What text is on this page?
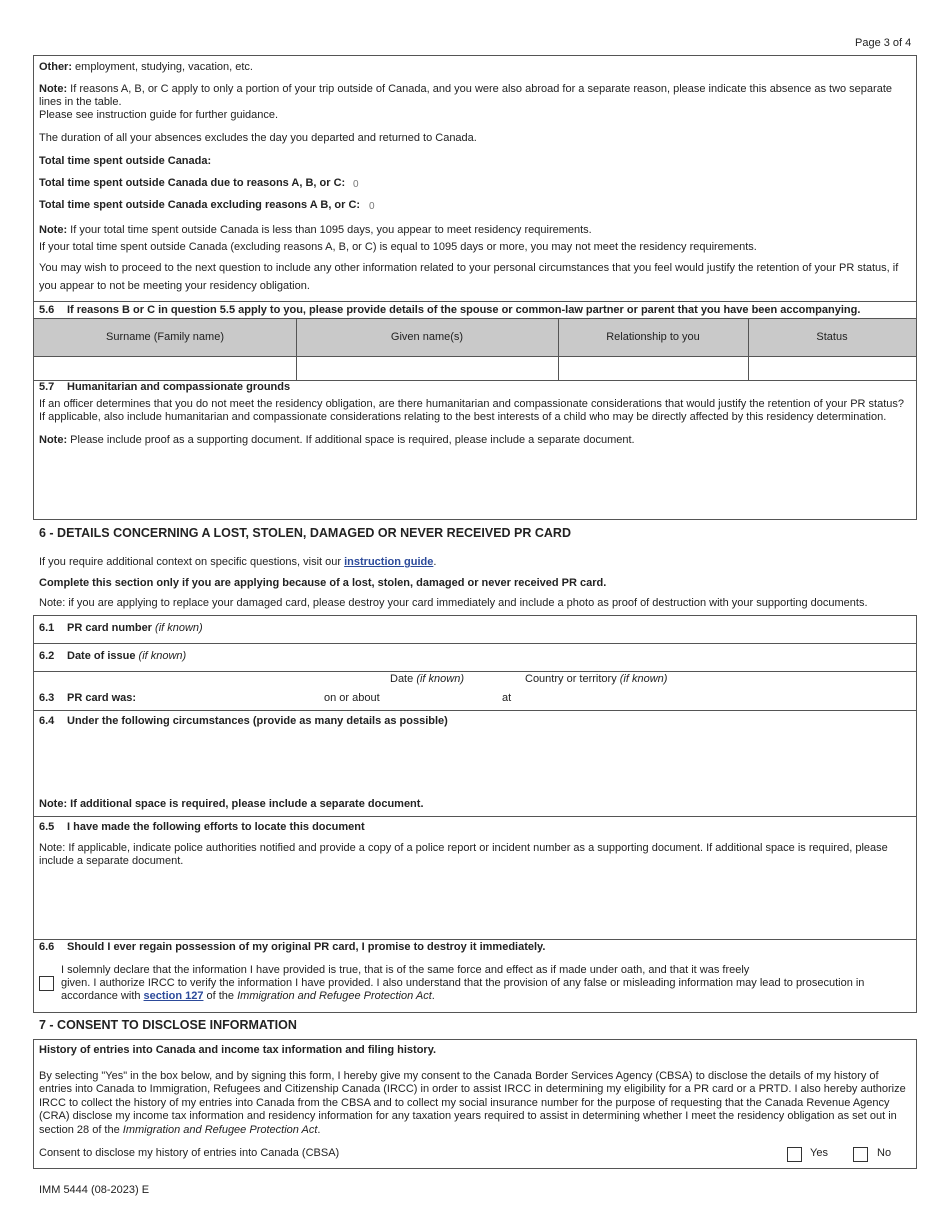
Page 3 of 4
Other: employment, studying, vacation, etc.
Note: If reasons A, B, or C apply to only a portion of your trip outside of Canada, and you were also abroad for a separate reason, please indicate this absence as two separate lines in the table.
Please see instruction guide for further guidance.
The duration of all your absences excludes the day you departed and returned to Canada.
Total time spent outside Canada:
Total time spent outside Canada due to reasons A, B, or C: 0
Total time spent outside Canada excluding reasons A B, or C: 0
Note: If your total time spent outside Canada is less than 1095 days, you appear to meet residency requirements.
If your total time spent outside Canada (excluding reasons A, B, or C) is equal to 1095 days or more, you may not meet the residency requirements.
You may wish to proceed to the next question to include any other information related to your personal circumstances that you feel would justify the retention of your PR status, if you appear to not be meeting your residency obligation.
5.6 If reasons B or C in question 5.5 apply to you, please provide details of the spouse or common-law partner or parent that you have been accompanying.
Surname (Family name)	Given name(s)	Relationship to you	Status
5.7 Humanitarian and compassionate grounds
If an officer determines that you do not meet the residency obligation, are there humanitarian and compassionate considerations that would justify the retention of your PR status? If applicable, also include humanitarian and compassionate considerations relating to the best interests of a child who may be directly affected by this residency determination.
Note: Please include proof as a supporting document. If additional space is required, please include a separate document.
6 - DETAILS CONCERNING A LOST, STOLEN, DAMAGED OR NEVER RECEIVED PR CARD
If you require additional context on specific questions, visit our instruction guide.
Complete this section only if you are applying because of a lost, stolen, damaged or never received PR card.
Note: if you are applying to replace your damaged card, please destroy your card immediately and include a photo as proof of destruction with your supporting documents.
6.1 PR card number (if known)
6.2 Date of issue (if known)
Date (if known)	Country or territory (if known)
6.3 PR card was:	on or about	at
6.4 Under the following circumstances (provide as many details as possible)
Note: If additional space is required, please include a separate document.
6.5 I have made the following efforts to locate this document
Note: If applicable, indicate police authorities notified and provide a copy of a police report or incident number as a supporting document. If additional space is required, please include a separate document.
6.6 Should I ever regain possession of my original PR card, I promise to destroy it immediately.
I solemnly declare that the information I have provided is true, that is of the same force and effect as if made under oath, and that it was freely
given. I authorize IRCC to verify the information I have provided. I also understand that the provision of any false or misleading information may lead to prosecution in
accordance with section 127 of the Immigration and Refugee Protection Act.
7 - CONSENT TO DISCLOSE INFORMATION
History of entries into Canada and income tax information and filing history.
By selecting "Yes" in the box below, and by signing this form, I hereby give my consent to the Canada Border Services Agency (CBSA) to disclose the details of my history of entries into Canada to Immigration, Refugees and Citizenship Canada (IRCC) in order to assist IRCC in determining my eligibility for a PR card or a PRTD. I also hereby authorize IRCC to collect the history of my entries into Canada from the CBSA and to collect my social insurance number for the purpose of requesting that the Canada Revenue Agency (CRA) disclose my income tax information and residency information for any taxation years required to assist in determining whether I meet the residency obligation as set out in section 28 of the Immigration and Refugee Protection Act.
Consent to disclose my history of entries into Canada (CBSA)	Yes	No
IMM 5444 (08-2023) E
